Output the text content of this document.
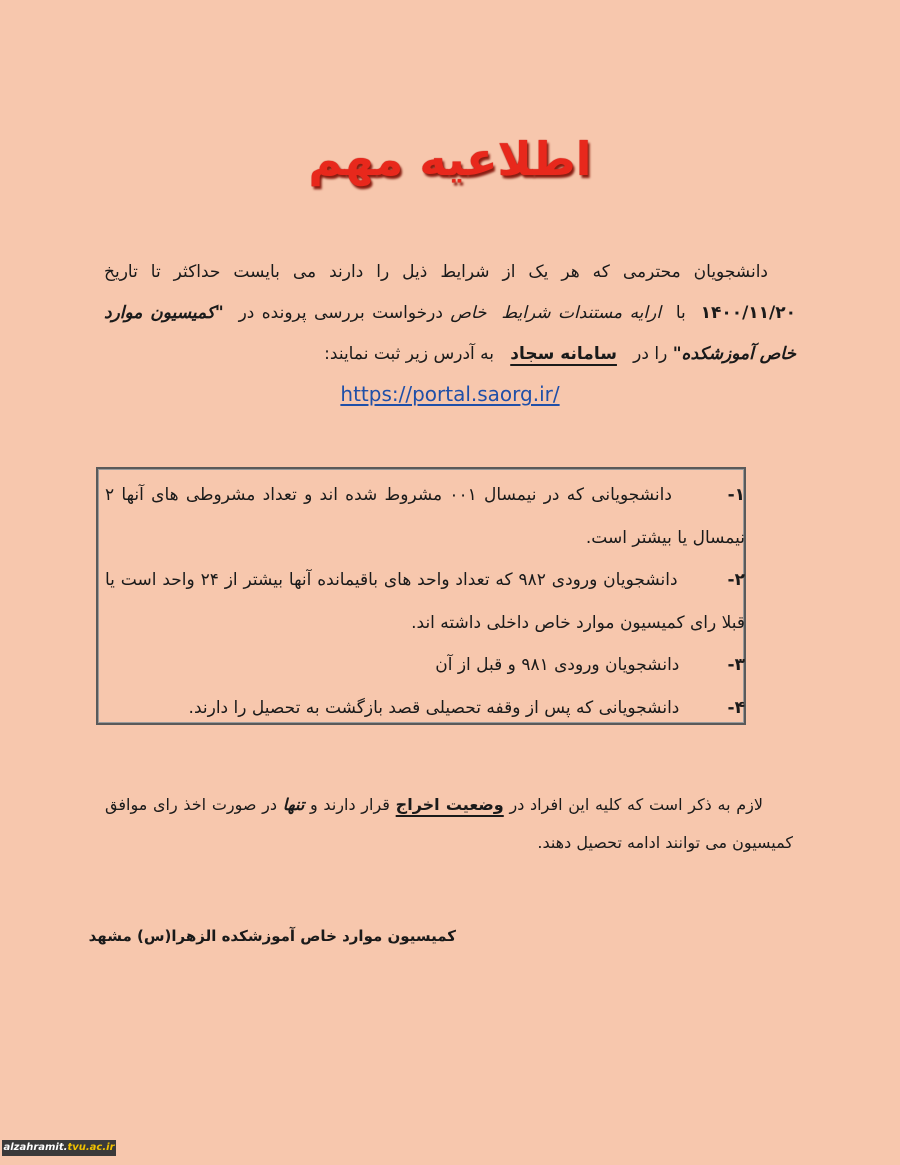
اطلاعیه مهم
دانشجویان محترمی که هر یک از شرایط ذیل را دارند می بایست حداکثر تا تاریخ ۱۴۰۰/۱۱/۲۰  با  ارایه مستندات شرایط  خاص درخواست بررسی پرونده در  "کمیسیون موارد خاص آموزشکده" را در   سامانه سجاد   به آدرس زیر ثبت نمایند:
https://portal.saorg.ir/
۱-    دانشجویانی که در نیمسال ۰۰۱ مشروط شده اند و تعداد مشروطی های آنها ۲ نیمسال یا بیشتر است.
۲-    دانشجویان ورودی ۹۸۲ که تعداد واحد های باقیمانده آنها بیشتر از ۲۴ واحد است یا قبلا رای کمیسیون موارد خاص داخلی داشته اند.
۳-    دانشجویان ورودی ۹۸۱ و قبل از آن
۴-    دانشجویانی که پس از وقفه تحصیلی قصد بازگشت به تحصیل را دارند.
لازم به ذکر است که کلیه این افراد در وضعیت اخراج قرار دارند و تنها در صورت اخذ رای موافق کمیسیون می توانند ادامه تحصیل دهند.
کمیسیون موارد خاص آموزشکده الزهرا(س) مشهد
alzahramit.tvu.ac.ir
